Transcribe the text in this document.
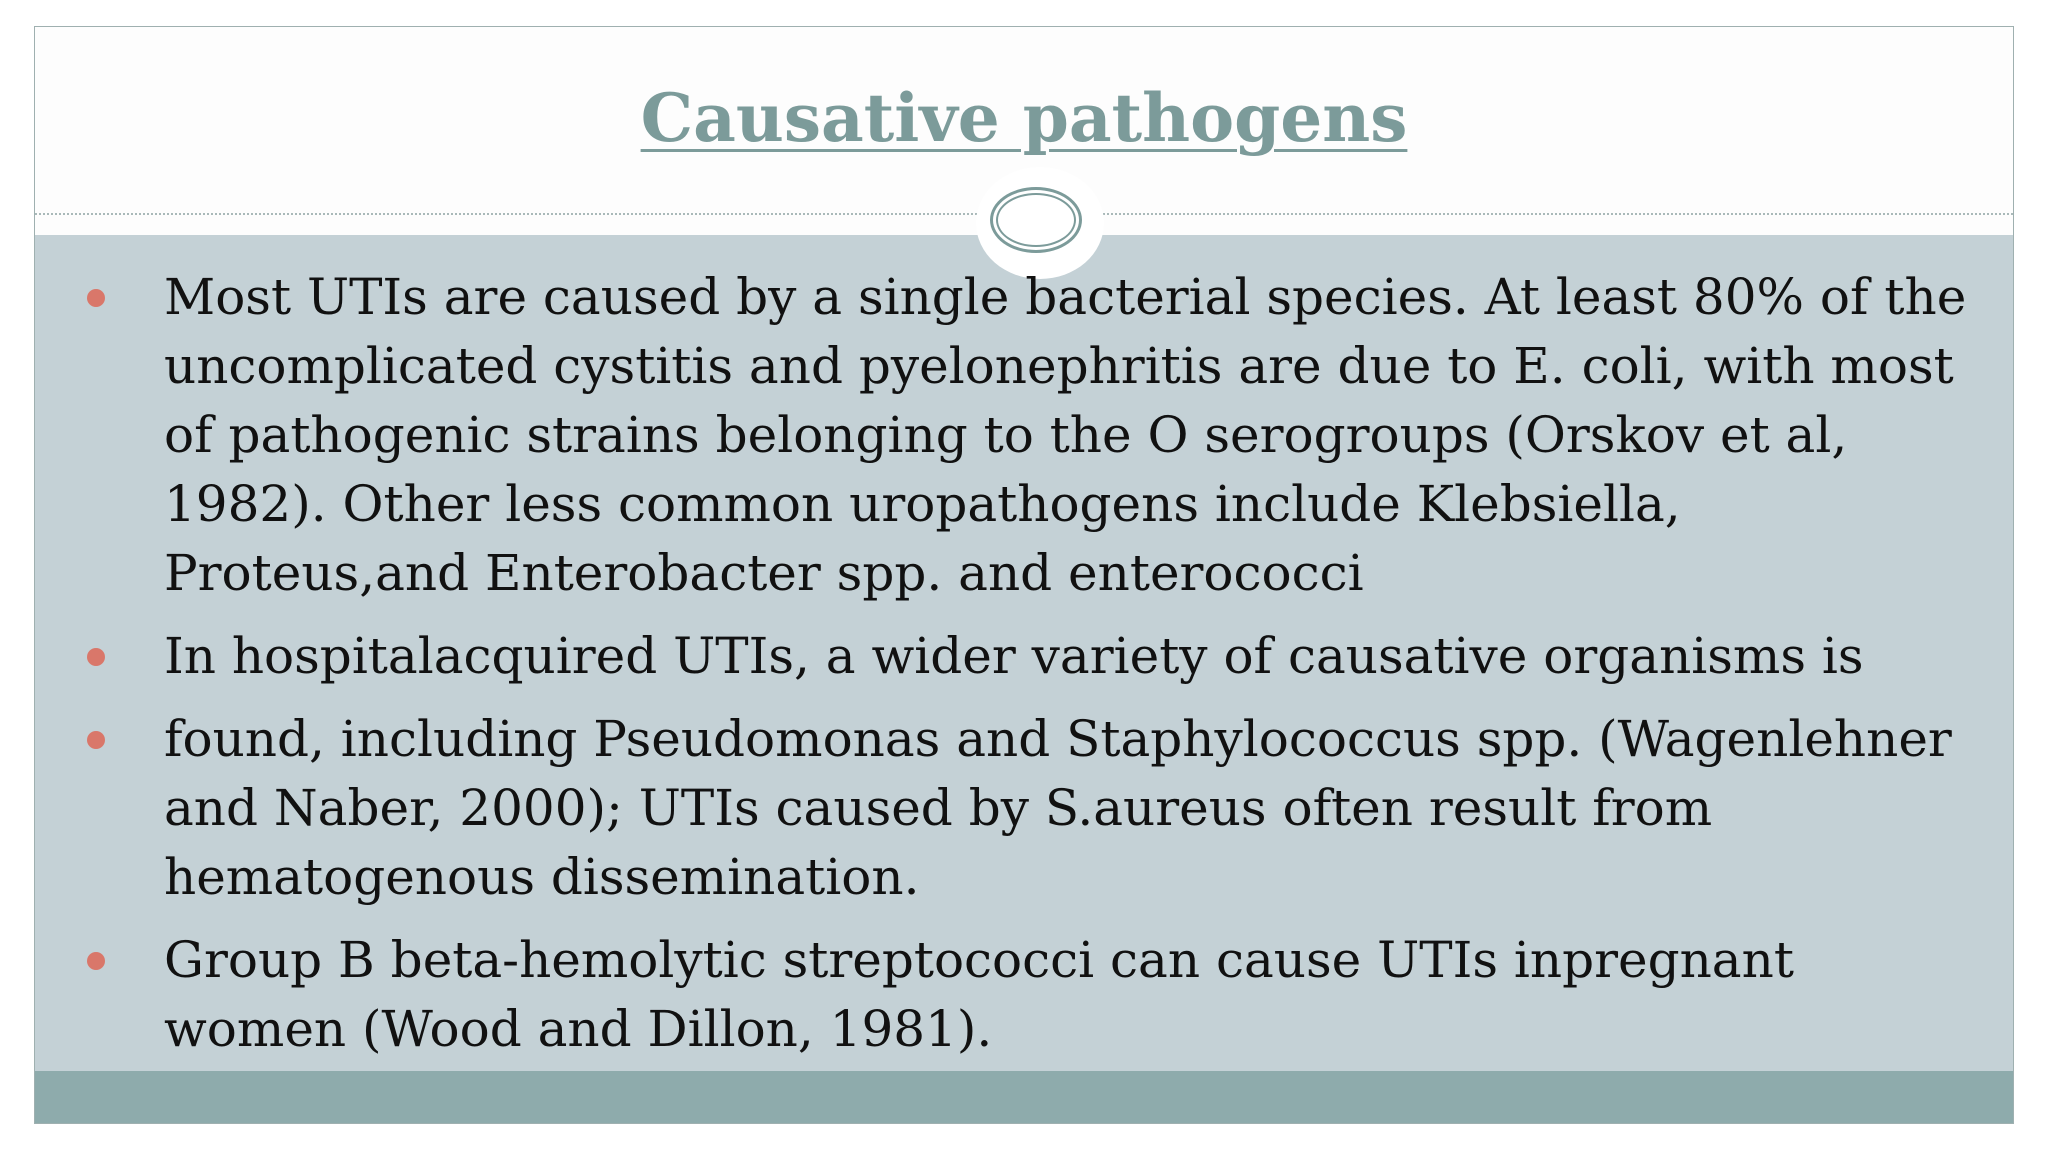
Causative pathogens
Most UTIs are caused by a single bacterial species. At least 80% of the uncomplicated cystitis and pyelonephritis are due to E. coli, with most of pathogenic strains belonging to the O serogroups (Orskov et al, 1982). Other less common uropathogens include Klebsiella, Proteus,and Enterobacter spp. and enterococci
In hospitalacquired UTIs, a wider variety of causative organisms is
found, including Pseudomonas and Staphylococcus spp. (Wagenlehner and Naber, 2000); UTIs caused by S.aureus often result from hematogenous dissemination.
Group B beta-hemolytic streptococci can cause UTIs inpregnant women (Wood and Dillon, 1981).
